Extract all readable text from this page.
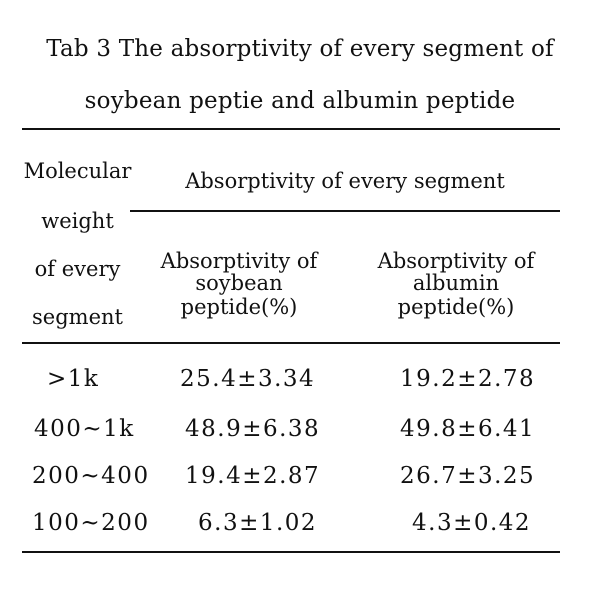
Tab 3 The absorptivity of every segment of
soybean peptie and albumin peptide
Molecular
weight
of every
segment
Absorptivity of every segment
Absorptivity of soybean
peptide(%)
Absorptivity of albumin
peptide(%)
>1k	25.4±3.34	19.2±2.78
400~1k 48.9±6.38	49.8±6.41
200~400 19.4±2.87	26.7±3.25
100~200 6.3±1.02	4.3±0.42
